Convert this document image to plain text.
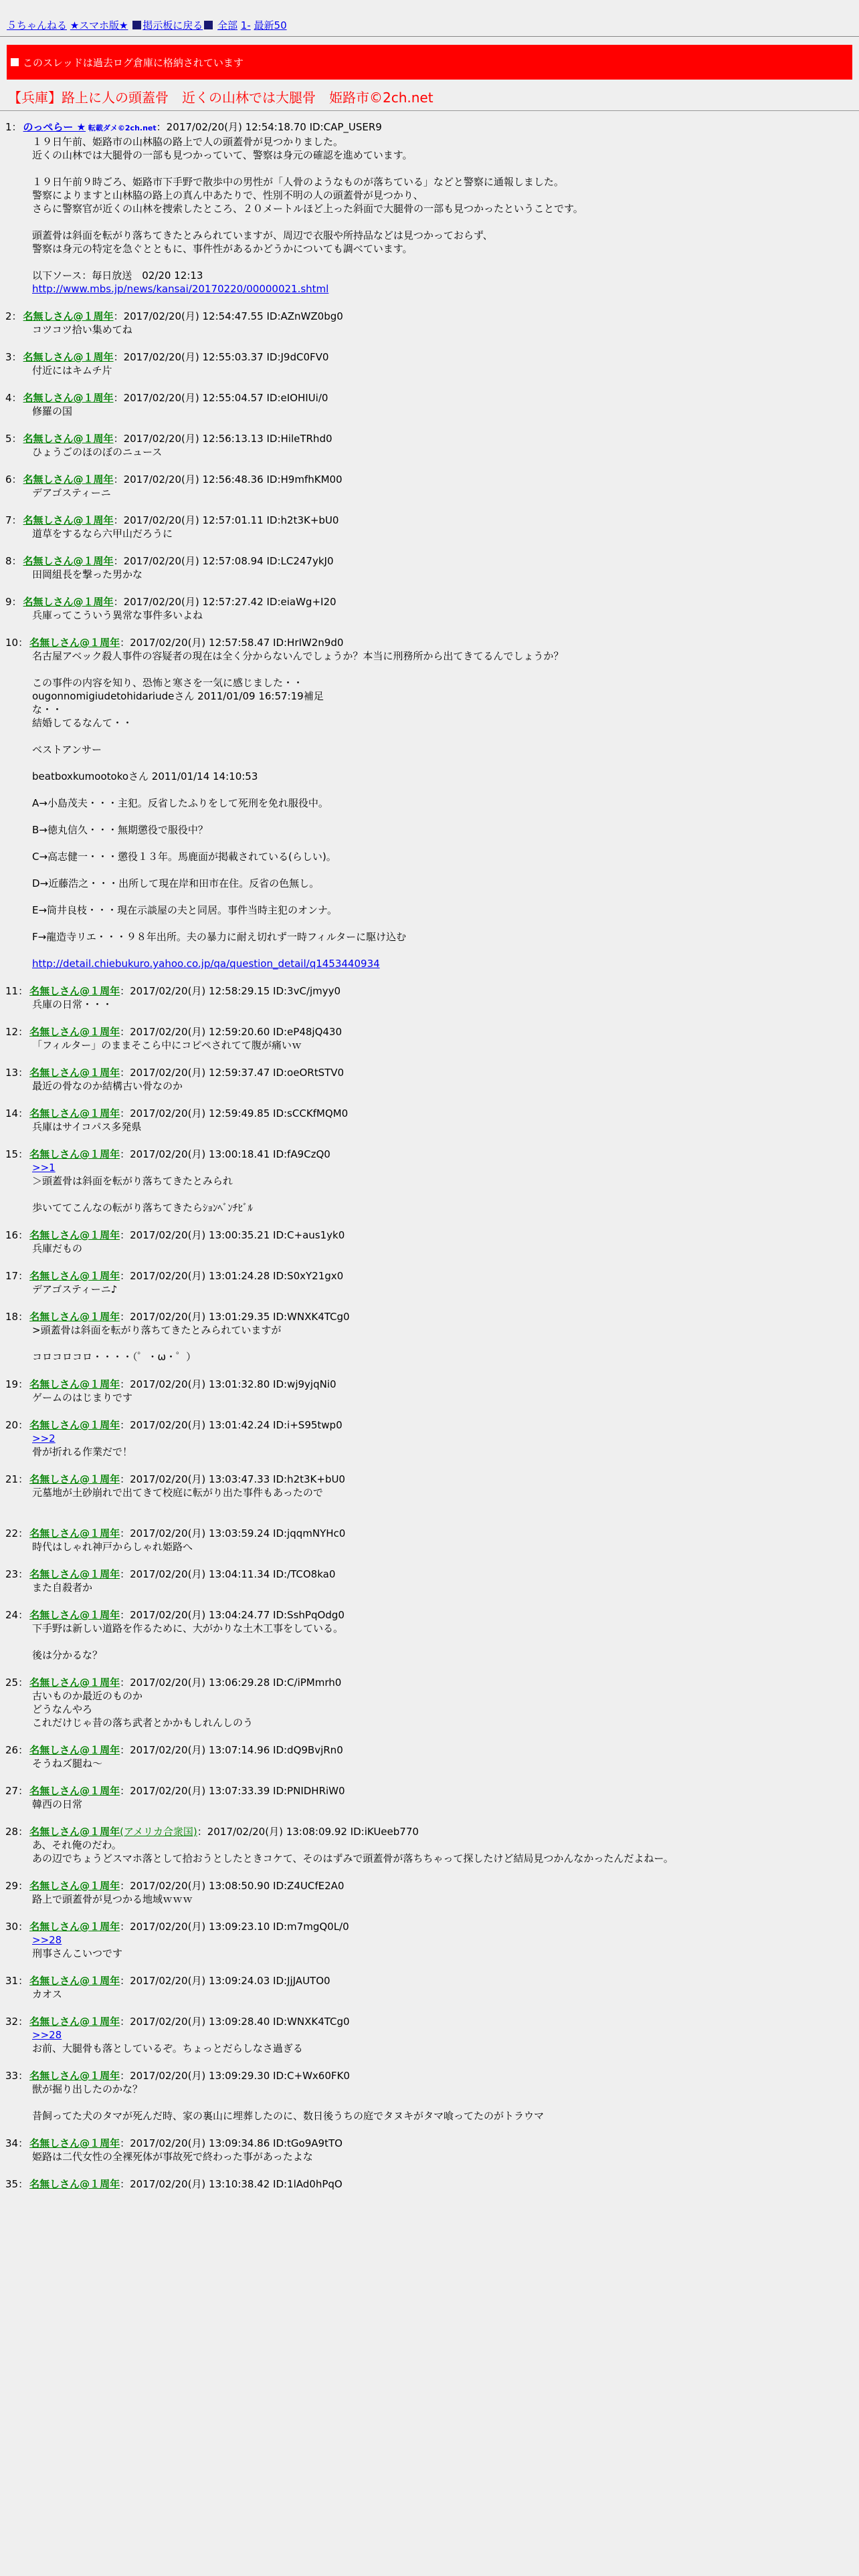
５ちゃんねる ★スマホ版★ 掲示板に戻る 全部 1- 最新50
このスレッドは過去ログ倉庫に格納されています
【兵庫】路上に人の頭蓋骨　近くの山林では大腿骨　姫路市©2ch.net
1： のっぺらー ★ 転載ダメ©2ch.net：2017/02/20(月) 12:54:18.70 ID:CAP_USER9
１９日午前、姫路市の山林脇の路上で人の頭蓋骨が見つかりました。
近くの山林では大腿骨の一部も見つかっていて、警察は身元の確認を進めています。
１９日午前９時ごろ、姫路市下手野で散歩中の男性が「人骨のようなものが落ちている」などと警察に通報しました。
警察によりますと山林脇の路上の真ん中あたりで、性別不明の人の頭蓋骨が見つかり、
さらに警察官が近くの山林を捜索したところ、２０メートルほど上った斜面で大腿骨の一部も見つかったということです。
頭蓋骨は斜面を転がり落ちてきたとみられていますが、周辺で衣服や所持品などは見つかっておらず、
警察は身元の特定を急ぐとともに、事件性があるかどうかについても調べています。
以下ソース：毎日放送　02/20 12:13
http://www.mbs.jp/news/kansai/20170220/00000021.shtml
2： 名無しさん@１周年：2017/02/20(月) 12:54:47.55 ID:AZnWZ0bg0
コツコツ拾い集めてね
3： 名無しさん@１周年：2017/02/20(月) 12:55:03.37 ID:J9dC0FV0
付近にはキムチ片
4： 名無しさん@１周年：2017/02/20(月) 12:55:04.57 ID:eIOHIUi/0
修羅の国
5： 名無しさん@１周年：2017/02/20(月) 12:56:13.13 ID:HileTRhd0
ひょうごのほのぼのニュース
6： 名無しさん@１周年：2017/02/20(月) 12:56:48.36 ID:H9mfhKM00
デアゴスティーニ
7： 名無しさん@１周年：2017/02/20(月) 12:57:01.11 ID:h2t3K+bU0
道草をするなら六甲山だろうに
8： 名無しさん@１周年：2017/02/20(月) 12:57:08.94 ID:LC247ykJ0
田岡組長を撃った男かな
9： 名無しさん@１周年：2017/02/20(月) 12:57:27.42 ID:eiaWg+I20
兵庫ってこういう異常な事件多いよね
10： 名無しさん@１周年：2017/02/20(月) 12:57:58.47 ID:HrIW2n9d0
名古屋アベック殺人事件の容疑者の現在は全く分からないんでしょうか？本当に刑務所から出てきてるんでしょうか？
この事件の内容を知り、恐怖と寒さを一気に感じました・・
ougonnomigiudetohidariudeさん 2011/01/09 16:57:19補足
な・・
結婚してるなんて・・
ベストアンサー
beatboxkumootokoさん 2011/01/14 14:10:53
A→小島茂夫・・・主犯。反省したふりをして死刑を免れ服役中。
B→徳丸信久・・・無期懲役で服役中？
C→高志健一・・・懲役１３年。馬鹿面が掲載されている(らしい)。
D→近藤浩之・・・出所して現在岸和田市在住。反省の色無し。
E→筒井良枝・・・現在示談屋の夫と同居。事件当時主犯のオンナ。
F→龍造寺リエ・・・９８年出所。夫の暴力に耐え切れず一時フィルターに駆け込む
http://detail.chiebukuro.yahoo.co.jp/qa/question_detail/q1453440934
11： 名無しさん@１周年：2017/02/20(月) 12:58:29.15 ID:3vC/jmyy0
兵庫の日常・・・
12： 名無しさん@１周年：2017/02/20(月) 12:59:20.60 ID:eP48jQ430
「フィルター」のままそこら中にコピペされてて腹が痛いｗ
13： 名無しさん@１周年：2017/02/20(月) 12:59:37.47 ID:oeORtSTV0
最近の骨なのか結構古い骨なのか
14： 名無しさん@１周年：2017/02/20(月) 12:59:49.85 ID:sCCKfMQM0
兵庫はサイコパス多発県
15： 名無しさん@１周年：2017/02/20(月) 13:00:18.41 ID:fA9CzQ0
>>1
＞頭蓋骨は斜面を転がり落ちてきたとみられ
歩いててこんなの転がり落ちてきたらｼｮﾝﾍﾞﾝﾁﾋﾞﾙ
16： 名無しさん@１周年：2017/02/20(月) 13:00:35.21 ID:C+aus1yk0
兵庫だもの
17： 名無しさん@１周年：2017/02/20(月) 13:01:24.28 ID:S0xY21gx0
デアゴスティーニ♪
18： 名無しさん@１周年：2017/02/20(月) 13:01:29.35 ID:WNXK4TCg0
>頭蓋骨は斜面を転がり落ちてきたとみられていますが
コロコロコロ・・・・（゜・ω・゜）
19： 名無しさん@１周年：2017/02/20(月) 13:01:32.80 ID:wj9yjqNi0
ゲームのはじまりです
20： 名無しさん@１周年：2017/02/20(月) 13:01:42.24 ID:i+S95twp0
>>2
骨が折れる作業だで！
21： 名無しさん@１周年：2017/02/20(月) 13:03:47.33 ID:h2t3K+bU0
元墓地が土砂崩れで出てきて校庭に転がり出た事件もあったので
22： 名無しさん@１周年：2017/02/20(月) 13:03:59.24 ID:jqqmNYHc0
時代はしゃれ神戸からしゃれ姫路へ
23： 名無しさん@１周年：2017/02/20(月) 13:04:11.34 ID:/TCO8ka0
また自殺者か
24： 名無しさん@１周年：2017/02/20(月) 13:04:24.77 ID:SshPqOdg0
下手野は新しい道路を作るために、大がかりな土木工事をしている。
後は分かるな？
25： 名無しさん@１周年：2017/02/20(月) 13:06:29.28 ID:C/iPMmrh0
古いものか最近のものか
どうなんやろ
これだけじゃ昔の落ち武者とかかもしれんしのう
26： 名無しさん@１周年：2017/02/20(月) 13:07:14.96 ID:dQ9BvjRn0
そうねズ腿ね〜
27： 名無しさん@１周年：2017/02/20(月) 13:07:33.39 ID:PNIDHRiW0
韓西の日常
28： 名無しさん@１周年(アメリカ合衆国)：2017/02/20(月) 13:08:09.92 ID:iKUeeb770
あ、それ俺のだわ。
あの辺でちょうどスマホ落として拾おうとしたときコケて、そのはずみで頭蓋骨が落ちちゃって探したけど結局見つかんなかったんだよねー。
29： 名無しさん@１周年：2017/02/20(月) 13:08:50.90 ID:Z4UCfE2A0
路上で頭蓋骨が見つかる地域ｗｗｗ
30： 名無しさん@１周年：2017/02/20(月) 13:09:23.10 ID:m7mgQ0L/0
>>28
刑事さんこいつです
31： 名無しさん@１周年：2017/02/20(月) 13:09:24.03 ID:JjJAUTO0
カオス
32： 名無しさん@１周年：2017/02/20(月) 13:09:28.40 ID:WNXK4TCg0
>>28
お前、大腿骨も落としているぞ。ちょっとだらしなさ過ぎる
33： 名無しさん@１周年：2017/02/20(月) 13:09:29.30 ID:C+Wx60FK0
獣が掘り出したのかな？
昔飼ってた犬のタマが死んだ時、家の裏山に埋葬したのに、数日後うちの庭でタヌキがタマ喰ってたのがトラウマ
34： 名無しさん@１周年：2017/02/20(月) 13:09:34.86 ID:tGo9A9tTO
姫路は二代女性の全裸死体が事故死で終わった事があったよな
35： 名無しさん@１周年：2017/02/20(月) 13:10:38.42 ID:1lAd0hPqO
